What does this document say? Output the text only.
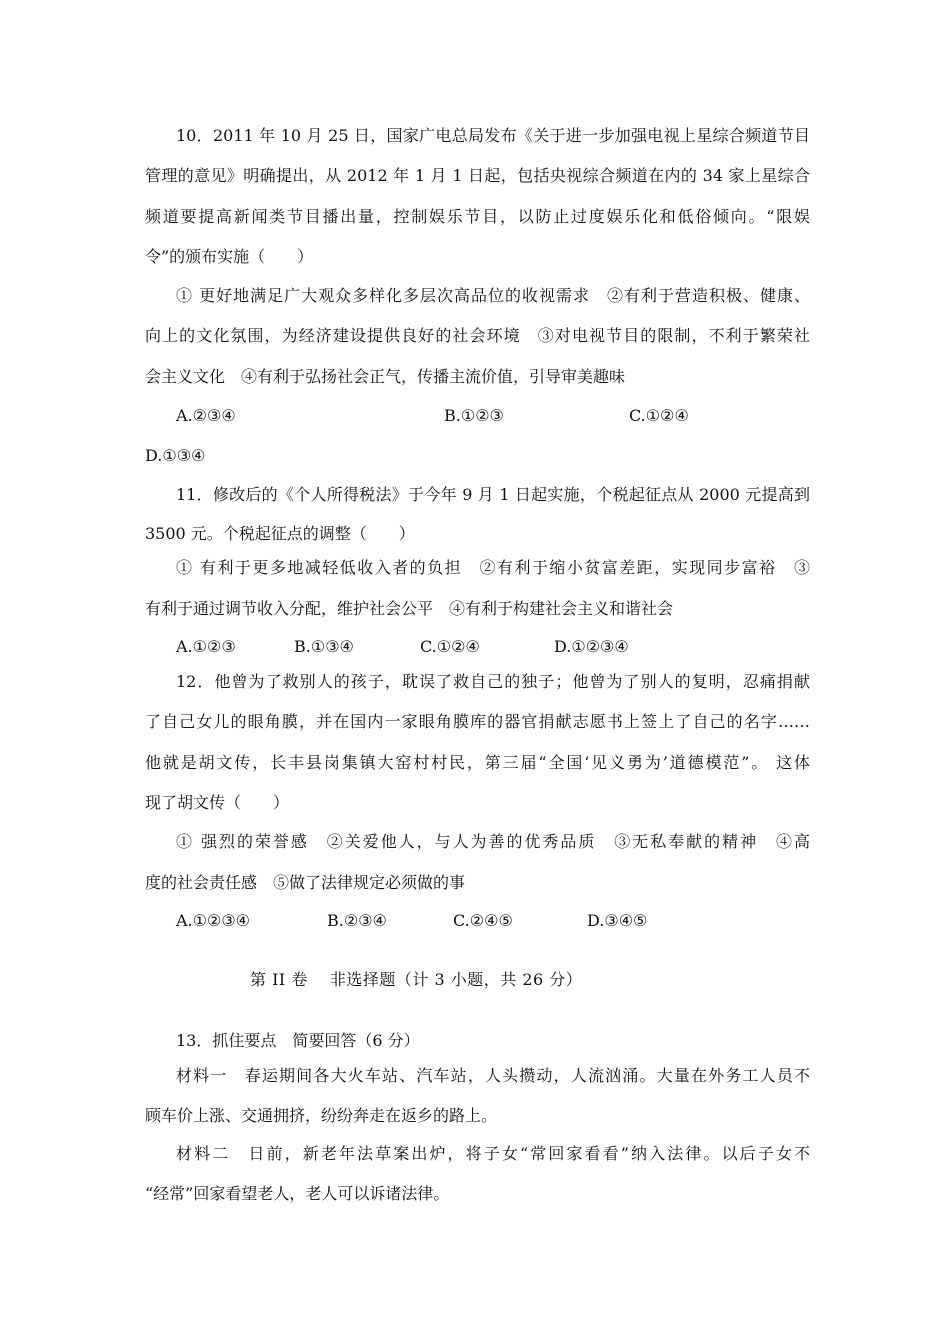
10．2011 年 10 月 25 日，国家广电总局发布《关于进一步加强电视上星综合频道节目
管理的意见》明确提出，从 2012 年 1 月 1 日起，包括央视综合频道在内的 34 家上星综合
频道要提高新闻类节目播出量，控制娱乐节目，以防止过度娱乐化和低俗倾向。“限娱
令”的颁布实施（　　）
① 更好地满足广大观众多样化多层次高品位的收视需求　②有利于营造积极、健康、
向上的文化氛围，为经济建设提供良好的社会环境　③对电视节目的限制，不利于繁荣社
会主义文化　④有利于弘扬社会正气，传播主流价值，引导审美趣味
A.②③④	B.①②③	C.①②④
D.①③④
11．修改后的《个人所得税法》于今年 9 月 1 日起实施，个税起征点从 2000 元提高到
3500 元。个税起征点的调整（　　）
① 有利于更多地减轻低收入者的负担　②有利于缩小贫富差距，实现同步富裕　③
有利于通过调节收入分配，维护社会公平　④有利于构建社会主义和谐社会
A.①②③	B.①③④	C.①②④	D.①②③④
12．他曾为了救别人的孩子，耽误了救自己的独子；他曾为了别人的复明，忍痛捐献
了自己女儿的眼角膜，并在国内一家眼角膜库的器官捐献志愿书上签上了自己的名字……
他就是胡文传，长丰县岗集镇大窑村村民，第三届“全国‘见义勇为’道德模范”。 这体
现了胡文传（　　）
① 强烈的荣誉感　②关爱他人，与人为善的优秀品质　③无私奉献的精神　④高
度的社会责任感　⑤做了法律规定必须做的事
A.①②③④	B.②③④	C.②④⑤	D.③④⑤
第 II 卷　 非选择题（计 3 小题，共 26 分）
13．抓住要点　简要回答（6 分）
材料一　春运期间各大火车站、汽车站，人头攒动，人流汹涌。大量在外务工人员不
顾车价上涨、交通拥挤，纷纷奔走在返乡的路上。
材料二　日前，新老年法草案出炉，将子女“常回家看看”纳入法律。以后子女不
“经常”回家看望老人，老人可以诉诸法律。
